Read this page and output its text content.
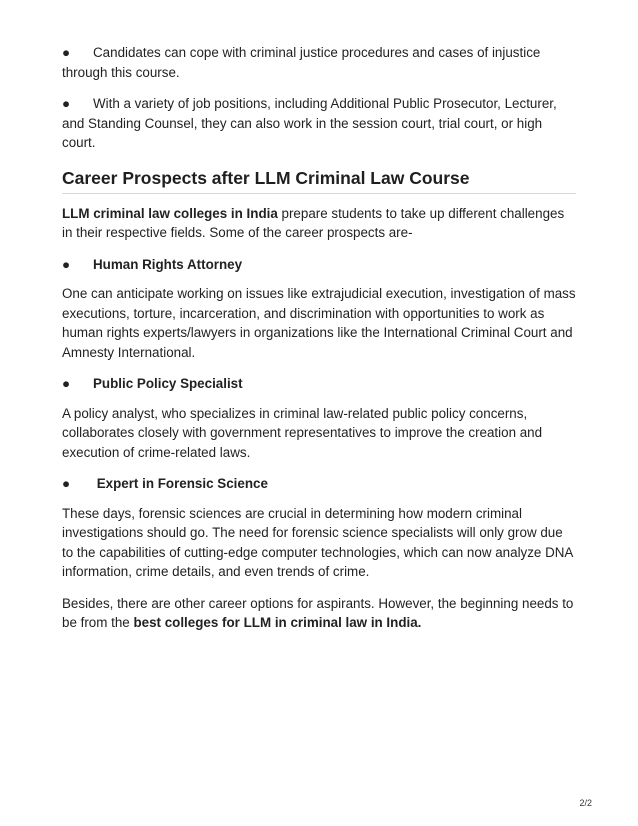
● Candidates can cope with criminal justice procedures and cases of injustice through this course.

● With a variety of job positions, including Additional Public Prosecutor, Lecturer, and Standing Counsel, they can also work in the session court, trial court, or high court.

Career Prospects after LLM Criminal Law Course

LLM criminal law colleges in India prepare students to take up different challenges in their respective fields. Some of the career prospects are-

● Human Rights Attorney

One can anticipate working on issues like extrajudicial execution, investigation of mass executions, torture, incarceration, and discrimination with opportunities to work as human rights experts/lawyers in organizations like the International Criminal Court and Amnesty International.

● Public Policy Specialist

A policy analyst, who specializes in criminal law-related public policy concerns, collaborates closely with government representatives to improve the creation and execution of crime-related laws.

● Expert in Forensic Science

These days, forensic sciences are crucial in determining how modern criminal investigations should go. The need for forensic science specialists will only grow due to the capabilities of cutting-edge computer technologies, which can now analyze DNA information, crime details, and even trends of crime.

Besides, there are other career options for aspirants. However, the beginning needs to be from the best colleges for LLM in criminal law in India.

2/2
